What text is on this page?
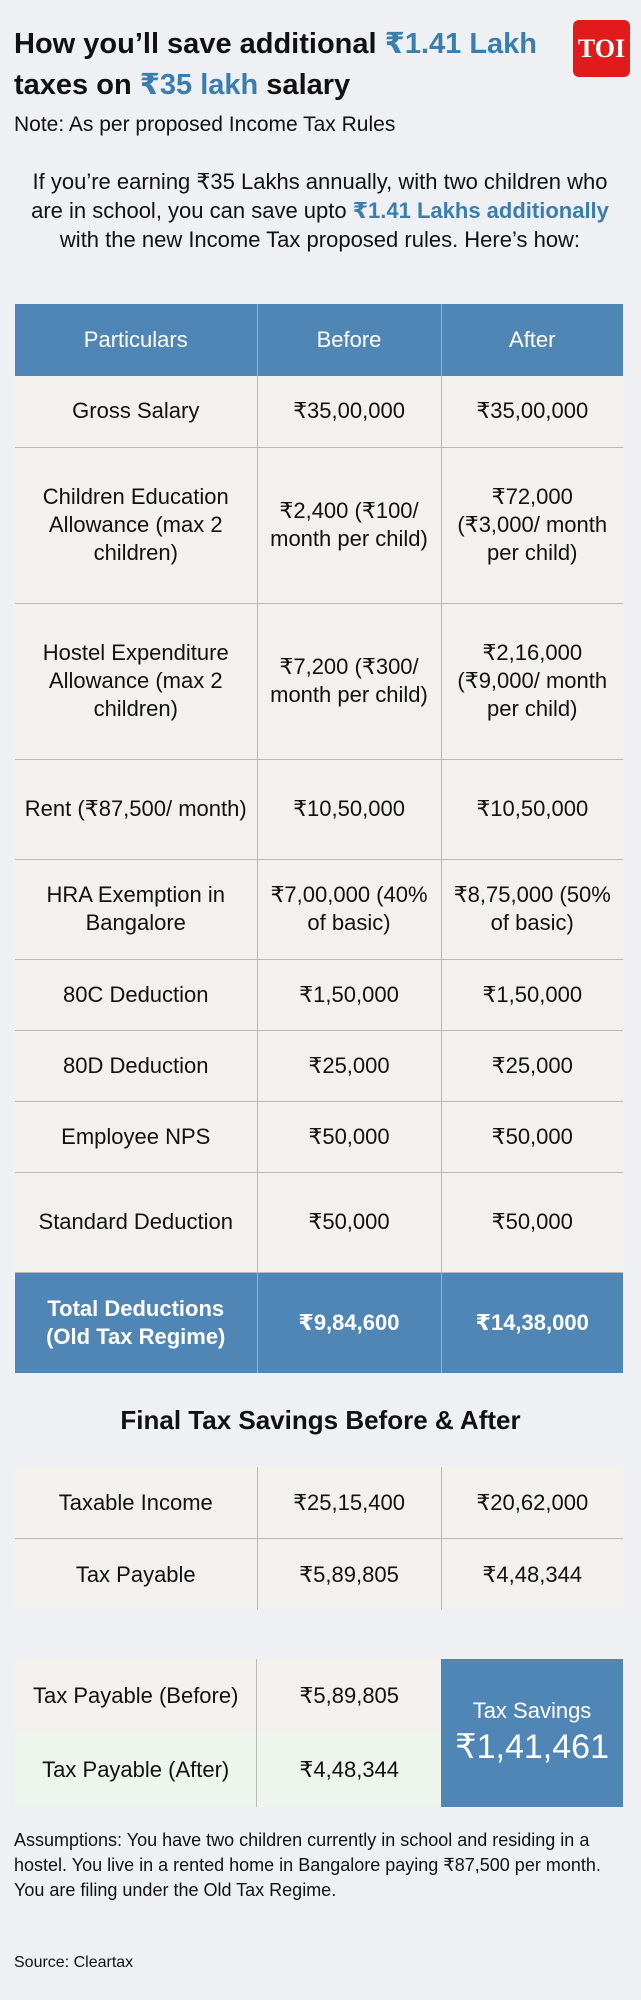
How you’ll save additional ₹1.41 Lakh
taxes on ₹35 lakh salary
TOI
Note: As per proposed Income Tax Rules
If you’re earning ₹35 Lakhs annually, with two children who are in school, you can save upto ₹1.41 Lakhs additionally with the new Income Tax proposed rules. Here’s how:
Particulars	Before	After
Gross Salary	₹35,00,000	₹35,00,000
Children Education Allowance (max 2 children)	₹2,400 (₹100/ month per child)	₹72,000 (₹3,000/ month per child)
Hostel Expenditure Allowance (max 2 children)	₹7,200 (₹300/ month per child)	₹2,16,000 (₹9,000/ month per child)
Rent (₹87,500/ month)	₹10,50,000	₹10,50,000
HRA Exemption in Bangalore	₹7,00,000 (40% of basic)	₹8,75,000 (50% of basic)
80C Deduction	₹1,50,000	₹1,50,000
80D Deduction	₹25,000	₹25,000
Employee NPS	₹50,000	₹50,000
Standard Deduction	₹50,000	₹50,000
Total Deductions (Old Tax Regime)	₹9,84,600	₹14,38,000
Final Tax Savings Before & After
Taxable Income	₹25,15,400	₹20,62,000
Tax Payable	₹5,89,805	₹4,48,344
Tax Payable (Before)	₹5,89,805
Tax Payable (After)	₹4,48,344
Tax Savings
₹1,41,461
Assumptions: You have two children currently in school and residing in a hostel. You live in a rented home in Bangalore paying ₹87,500 per month. You are filing under the Old Tax Regime.
Source: Cleartax
